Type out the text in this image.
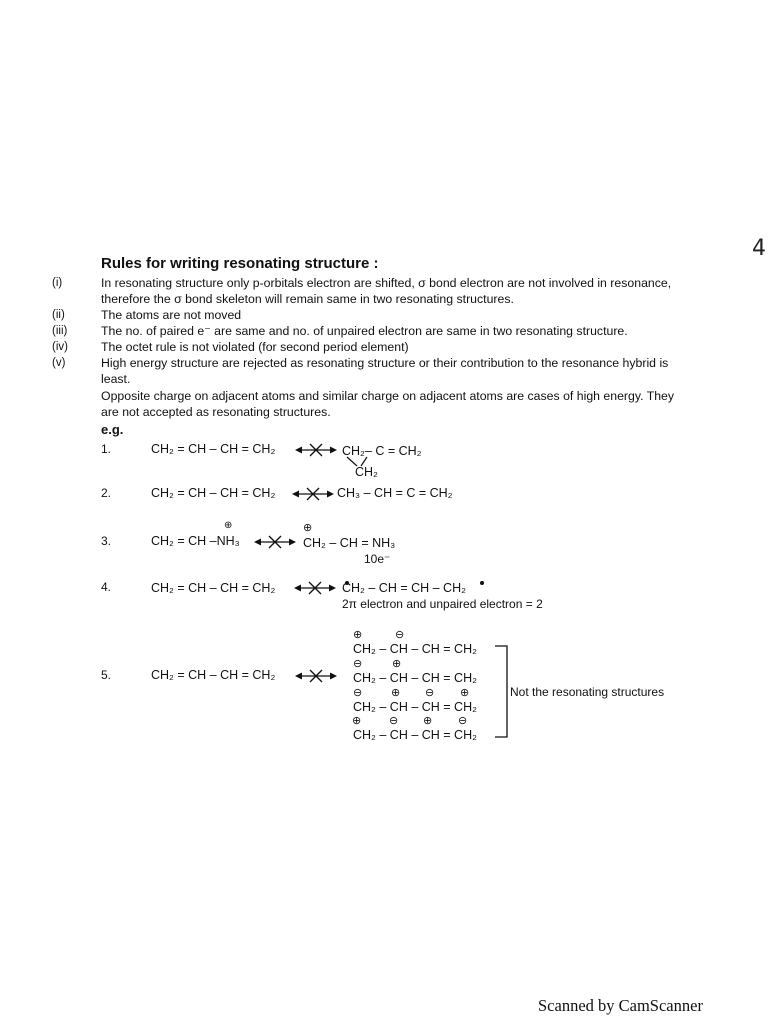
4
Rules for writing resonating structure :
(i)	In resonating structure only p-orbitals electron are shifted, σ bond electron are not involved in resonance,
therefore the σ bond skeleton will remain same in two resonating structures.
(ii)	The atoms are not moved
(iii)	The no. of paired e⁻ are same and no. of unpaired electron are same in two resonating structure.
(iv)	The octet rule is not violated (for second period element)
(v)	High energy structure are rejected as resonating structure or their contribution to the resonance hybrid is
least.
Opposite charge on adjacent atoms and similar charge on adjacent atoms are cases of high energy. They
are not accepted as resonating structures.
e.g.
1.	CH₂ = CH – CH = CH₂	CH₂– C = CH₂
CH₂
2.	CH₂ = CH – CH = CH₂	CH₃ – CH = C = CH₂
3.
⊕
CH₂ = CH –NH₃
⊕
CH₂ – CH = NH₃
10e⁻
4.	CH₂ = CH – CH = CH₂	CH₂ – CH = CH – CH₂
2π electron and unpaired electron = 2
5.	CH₂ = CH – CH = CH₂
⊕	⊖
CH₂ – CH – CH = CH₂
⊖	⊕
CH₂ – CH – CH = CH₂
⊖	⊕ ⊖ ⊕
CH₂ – CH – CH = CH₂
⊕	⊖ ⊕ ⊖
CH₂ – CH – CH = CH₂
Not the resonating structures
Scanned by CamScanner
